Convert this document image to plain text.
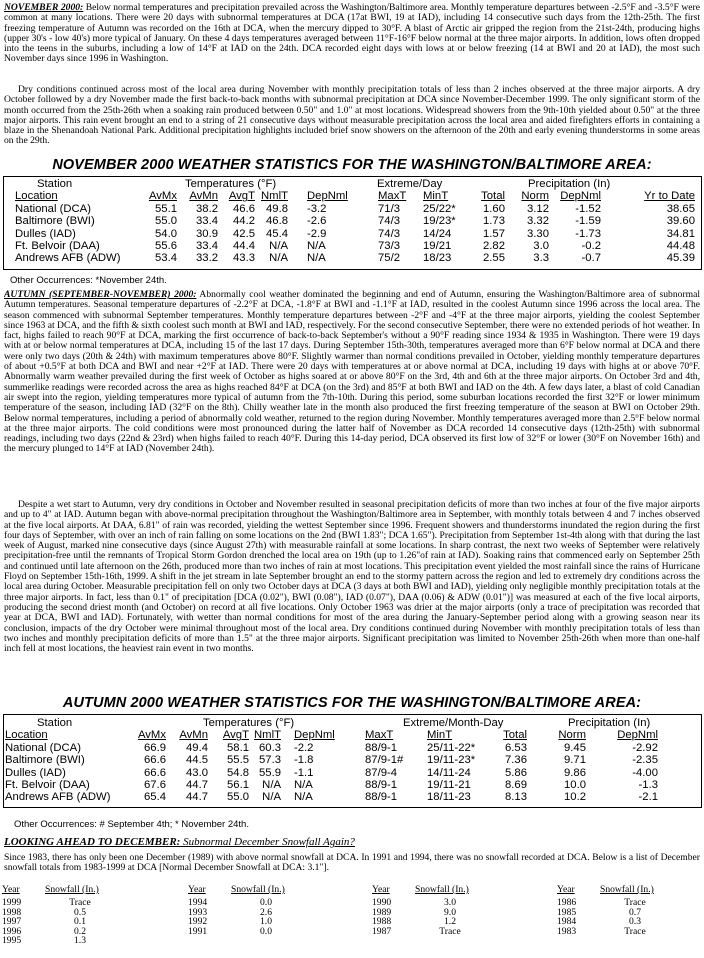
NOVEMBER 2000: Below normal temperatures and precipitation prevailed across the Washington/Baltimore area. Monthly temperature departures between -2.5°F and -3.5°F were common at many locations. There were 20 days with subnormal temperatures at DCA (17at BWI, 19 at IAD), including 14 consecutive such days from the 12th-25th. The first freezing temperature of Autumn was recorded on the 16th at DCA, when the mercury dipped to 30°F. A blast of Arctic air gripped the region from the 21st-24th, producing highs (upper 30's - low 40's) more typical of January. On these 4 days temperatures averaged between 11°F-16°F below normal at the three major airports. In addition, lows often dropped into the teens in the suburbs, including a low of 14°F at IAD on the 24th. DCA recorded eight days with lows at or below freezing (14 at BWI and 20 at IAD), the most such November days since 1996 in Washington.
Dry conditions continued across most of the local area during November with monthly precipitation totals of less than 2 inches observed at the three major airports. A dry October followed by a dry November made the first back-to-back months with subnormal precipitation at DCA since November-December 1999. The only significant storm of the month occurred from the 25th-26th when a soaking rain produced between 0.50" and 1.0" at most locations. Widespread showers from the 9th-10th yielded about 0.50" at the three major airports. This rain event brought an end to a string of 21 consecutive days without measurable precipitation across the local area and aided firefighters efforts in containing a blaze in the Shenandoah National Park. Additional precipitation highlights included brief snow showers on the afternoon of the 20th and early evening thunderstorms in some areas on the 29th.
NOVEMBER 2000 WEATHER STATISTICS FOR THE WASHINGTON/BALTIMORE AREA:
Station	Temperatures (°F)	Extreme/Day	Precipitation (In)
Location	AvMx	AvMn AvgT NmlT DepNml	MaxT MinT	Total	Norm DepNml	Yr to Date
National (DCA)	55.1	38.2	46.6 49.8 -3.2	71/3 25/22*	1.60	3.12	-1.52	38.65
Baltimore (BWI)	55.0	33.4	44.2 46.8 -2.6	74/3 19/23*	1.73	3.32	-1.59	39.60
Dulles (IAD)	54.0	30.9	42.5 45.4 -2.9	74/3 14/24	1.57	3.30	-1.73	34.81
Ft. Belvoir (DAA)	55.6	33.4	44.4	N/A N/A	73/3 19/21	2.82	3.0	-0.2	44.48
Andrews AFB (ADW)	53.4	33.2	43.3	N/A N/A	75/2 18/23	2.55	3.3	-0.7	45.39
Other Occurrences: *November 24th.
AUTUMN (SEPTEMBER-NOVEMBER) 2000: Abnormally cool weather dominated the beginning and end of Autumn, ensuring the Washington/Baltimore area of subnormal Autumn temperatures. Seasonal temperature departures of -2.2°F at DCA, -1.8°F at BWI and -1.1°F at IAD, resulted in the coolest Autumn since 1996 across the local area. The season commenced with subnormal September temperatures. Monthly temperature departures between -2°F and -4°F at the three major airports, yielding the coolest September since 1963 at DCA, and the fifth & sixth coolest such month at BWI and IAD, respectively. For the second consecutive September, there were no extended periods of hot weather. In fact, highs failed to reach 90°F at DCA, marking the first occurrence of back-to-back September's without a 90°F reading since 1934 & 1935 in Washington. There were 19 days with at or below normal temperatures at DCA, including 15 of the last 17 days. During September 15th-30th, temperatures averaged more than 6°F below normal at DCA and there were only two days (20th & 24th) with maximum temperatures above 80°F. Slightly warmer than normal conditions prevailed in October, yielding monthly temperature departures of about +0.5°F at both DCA and BWI and near +2°F at IAD. There were 20 days with temperatures at or above normal at DCA, including 19 days with highs at or above 70°F. Abnormally warm weather prevailed during the first week of October as highs soared at or above 80°F on the 3rd, 4th and 6th at the three major airports. On October 3rd and 4th, summerlike readings were recorded across the area as highs reached 84°F at DCA (on the 3rd) and 85°F at both BWI and IAD on the 4th. A few days later, a blast of cold Canadian air swept into the region, yielding temperatures more typical of autumn from the 7th-10th. During this period, some suburban locations recorded the first 32°F or lower minimum temperature of the season, including IAD (32°F on the 8th). Chilly weather late in the month also produced the first freezing temperature of the season at BWI on October 29th. Below normal temperatures, including a period of abnormally cold weather, returned to the region during November. Monthly temperatures averaged more than 2.5°F below normal at the three major airports. The cold conditions were most pronounced during the latter half of November as DCA recorded 14 consecutive days (12th-25th) with subnormal readings, including two days (22nd & 23rd) when highs failed to reach 40°F. During this 14-day period, DCA observed its first low of 32°F or lower (30°F on November 16th) and the mercury plunged to 14°F at IAD (November 24th).
Despite a wet start to Autumn, very dry conditions in October and November resulted in seasonal precipitation deficits of more than two inches at four of the five major airports and up to 4" at IAD. Autumn began with above-normal precipitation throughout the Washington/Baltimore area in September, with monthly totals between 4 and 7 inches observed at the five local airports. At DAA, 6.81" of rain was recorded, yielding the wettest September since 1996. Frequent showers and thunderstorms inundated the region during the first four days of September, with over an inch of rain falling on some locations on the 2nd (BWI 1.83"; DCA 1.65"). Precipitation from September 1st-4th along with that during the last week of August, marked nine consecutive days (since August 27th) with measurable rainfall at some locations. In sharp contrast, the next two weeks of September were relatively precipitation-free until the remnants of Tropical Storm Gordon drenched the local area on 19th (up to 1.26"of rain at IAD). Soaking rains that commenced early on September 25th and continued until late afternoon on the 26th, produced more than two inches of rain at most locations. This precipitation event yielded the most rainfall since the rains of Hurricane Floyd on September 15th-16th, 1999. A shift in the jet stream in late September brought an end to the stormy pattern across the region and led to extremely dry conditions across the local area during October. Measurable precipitation fell on only two October days at DCA (3 days at both BWI and IAD), yielding only negligible monthly precipitation totals at the three major airports. In fact, less than 0.1" of precipitation [DCA (0.02"), BWI (0.08"), IAD (0.07"), DAA (0.06) & ADW (0.01")] was measured at each of the five local airports, producing the second driest month (and October) on record at all five locations. Only October 1963 was drier at the major airports (only a trace of precipitation was recorded that year at DCA, BWI and IAD). Fortunately, with wetter than normal conditions for most of the area during the January-September period along with a growing season near its conclusion, impacts of the dry October were minimal throughout most of the local area. Dry conditions continued during November with monthly precipitation totals of less than two inches and monthly precipitation deficits of more than 1.5" at the three major airports. Significant precipitation was limited to November 25th-26th when more than one-half inch fell at most locations, the heaviest rain event in two months.
AUTUMN 2000 WEATHER STATISTICS FOR THE WASHINGTON/BALTIMORE AREA:
Station	Temperatures (°F)	Extreme/Month-Day	Precipitation (In)
Location	AvMx	AvMn	AvgT NmlT DepNml	MaxT	MinT	Total	Norm	DepNml
National (DCA)	66.9	49.4	58.1 60.3 -2.2	88/9-1	25/11-22*	6.53	9.45	-2.92
Baltimore (BWI)	66.6	44.5	55.5 57.3 -1.8	87/9-1# 19/11-23*	7.36	9.71	-2.35
Dulles (IAD)	66.6	43.0	54.8 55.9 -1.1	87/9-4	14/11-24	5.86	9.86	-4.00
Ft. Belvoir (DAA)	67.6	44.7	56.1	N/A N/A	88/9-1	19/11-21	8.69	10.0	-1.3
Andrews AFB (ADW)	65.4	44.7	55.0	N/A N/A	88/9-1	18/11-23	8.13	10.2	-2.1
Other Occurrences: # September 4th; * November 24th.
LOOKING AHEAD TO DECEMBER: Subnormal December Snowfall Again?
Since 1983, there has only been one December (1989) with above normal snowfall at DCA. In 1991 and 1994, there was no snowfall recorded at DCA. Below is a list of December snowfall totals from 1983-1999 at DCA [Normal December Snowfall at DCA: 3.1"].
Year	Snowfall (In.)
1999	Trace
1998	0.5
1997	0.1
1996	0.2
1995	1.3
Year	Snowfall (In.)
1994	0.0
1993	2.6
1992	1.0
1991	0.0
Year	Snowfall (In.)
1990	3.0
1989	9.0
1988	1.2
1987	Trace
Year	Snowfall (In.)
1986	Trace
1985	0.7
1984	0.3
1983	Trace
